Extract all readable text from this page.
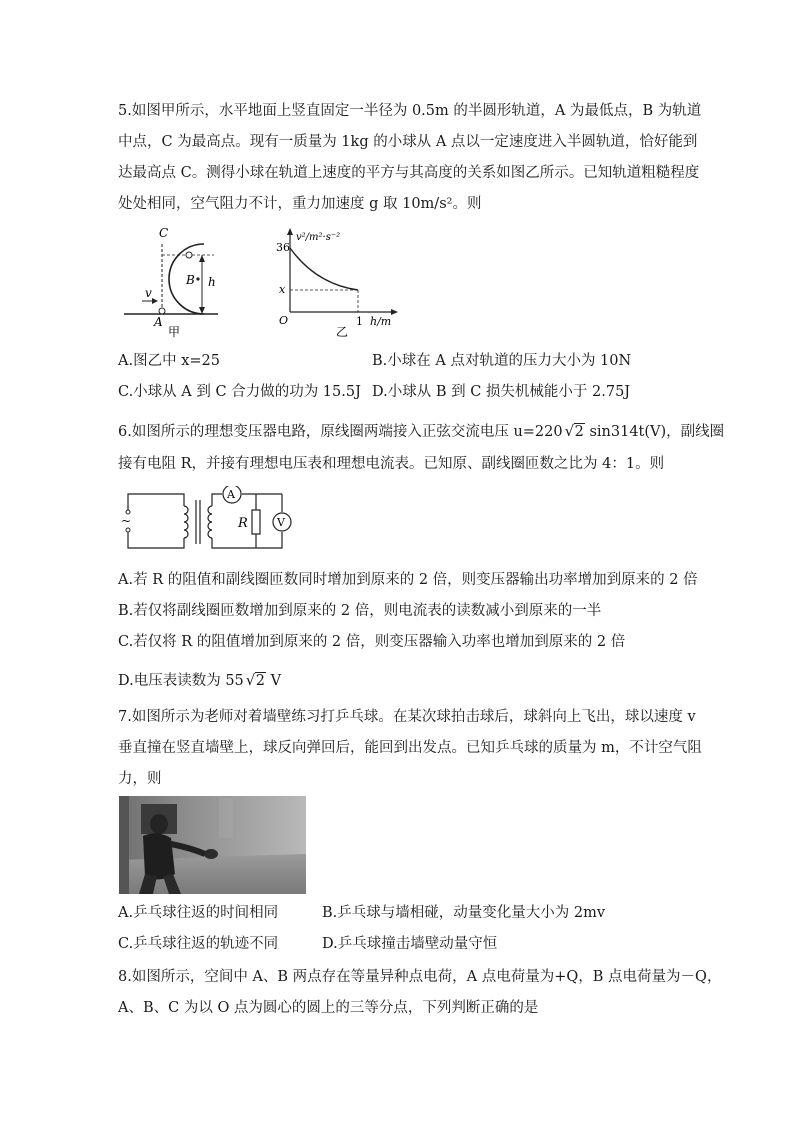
5.如图甲所示，水平地面上竖直固定一半径为 0.5m 的半圆形轨道，A 为最低点，B 为轨道
中点，C 为最高点。现有一质量为 1kg 的小球从 A 点以一定速度进入半圆轨道，恰好能到
达最高点 C。测得小球在轨道上速度的平方与其高度的关系如图乙所示。已知轨道粗糙程度
处处相同，空气阻力不计，重力加速度 g 取 10m/s²。则
C
B
A
v
h
甲
36
v²/m²·s⁻²
x
O	1 h/m
乙
A.图乙中 x=25	B.小球在 A 点对轨道的压力大小为 10N
C.小球从 A 到 C 合力做的功为 15.5J D.小球从 B 到 C 损失机械能小于 2.75J
6.如图所示的理想变压器电路，原线圈两端接入正弦交流电压 u=220 √ 2 sin314t(V)，副线圈
接有电阻 R，并接有理想电压表和理想电流表。已知原、副线圈匝数之比为 4：1。则
~
A
R	V
A.若 R 的阻值和副线圈匝数同时增加到原来的 2 倍，则变压器输出功率增加到原来的 2 倍
B.若仅将副线圈匝数增加到原来的 2 倍，则电流表的读数减小到原来的一半
C.若仅将 R 的阻值增加到原来的 2 倍，则变压器输入功率也增加到原来的 2 倍
D.电压表读数为 55 √ 2 V
7.如图所示为老师对着墙壁练习打乒乓球。在某次球拍击球后，球斜向上飞出，球以速度 v
垂直撞在竖直墙壁上，球反向弹回后，能回到出发点。已知乒乓球的质量为 m，不计空气阻
力，则
A.乒乓球往返的时间相同	B.乒乓球与墙相碰，动量变化量大小为 2mv
C.乒乓球往返的轨迹不同	D.乒乓球撞击墙壁动量守恒
8.如图所示，空间中 A、B 两点存在等量异种点电荷，A 点电荷量为+Q，B 点电荷量为－Q，
A、B、C 为以 O 点为圆心的圆上的三等分点，下列判断正确的是
